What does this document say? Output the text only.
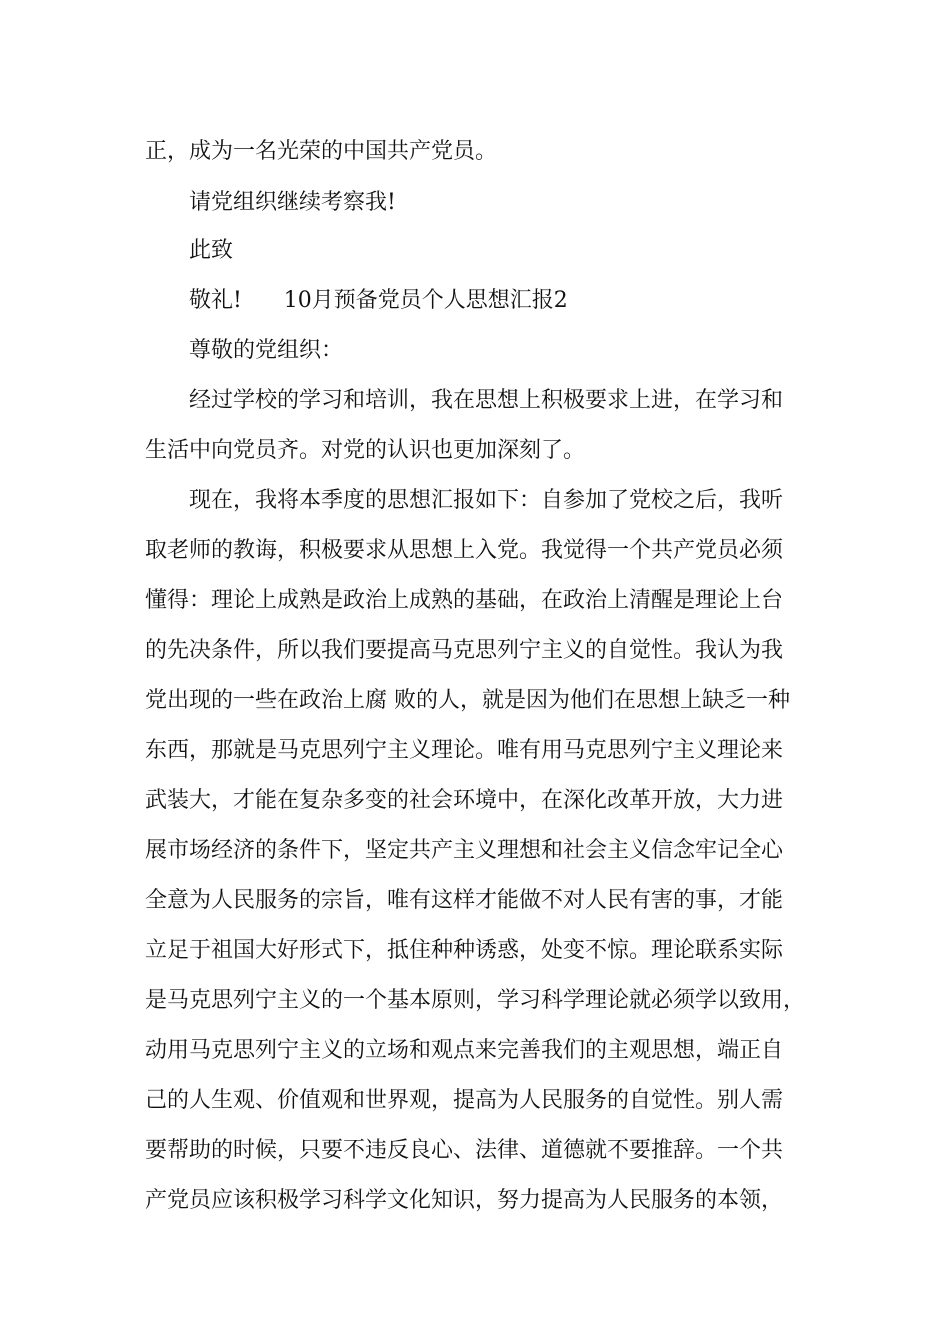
正，成为一名光荣的中国共产党员。
请党组织继续考察我!
此致
敬礼!      10月预备党员个人思想汇报2
尊敬的党组织：
经过学校的学习和培训，我在思想上积极要求上进，在学习和
生活中向党员齐。对党的认识也更加深刻了。
现在，我将本季度的思想汇报如下：自参加了党校之后，我听
取老师的教诲，积极要求从思想上入党。我觉得一个共产党员必须
懂得：理论上成熟是政治上成熟的基础，在政治上清醒是理论上台
的先决条件，所以我们要提高马克思列宁主义的自觉性。我认为我
党出现的一些在政治上腐 败的人，就是因为他们在思想上缺乏一种
东西，那就是马克思列宁主义理论。唯有用马克思列宁主义理论来
武装大，才能在复杂多变的社会环境中，在深化改革开放，大力进
展市场经济的条件下，坚定共产主义理想和社会主义信念牢记全心
全意为人民服务的宗旨，唯有这样才能做不对人民有害的事，才能
立足于祖国大好形式下，抵住种种诱惑，处变不惊。理论联系实际
是马克思列宁主义的一个基本原则，学习科学理论就必须学以致用，
动用马克思列宁主义的立场和观点来完善我们的主观思想，端正自
己的人生观、价值观和世界观，提高为人民服务的自觉性。别人需
要帮助的时候，只要不违反良心、法律、道德就不要推辞。一个共
产党员应该积极学习科学文化知识，努力提高为人民服务的本领，
